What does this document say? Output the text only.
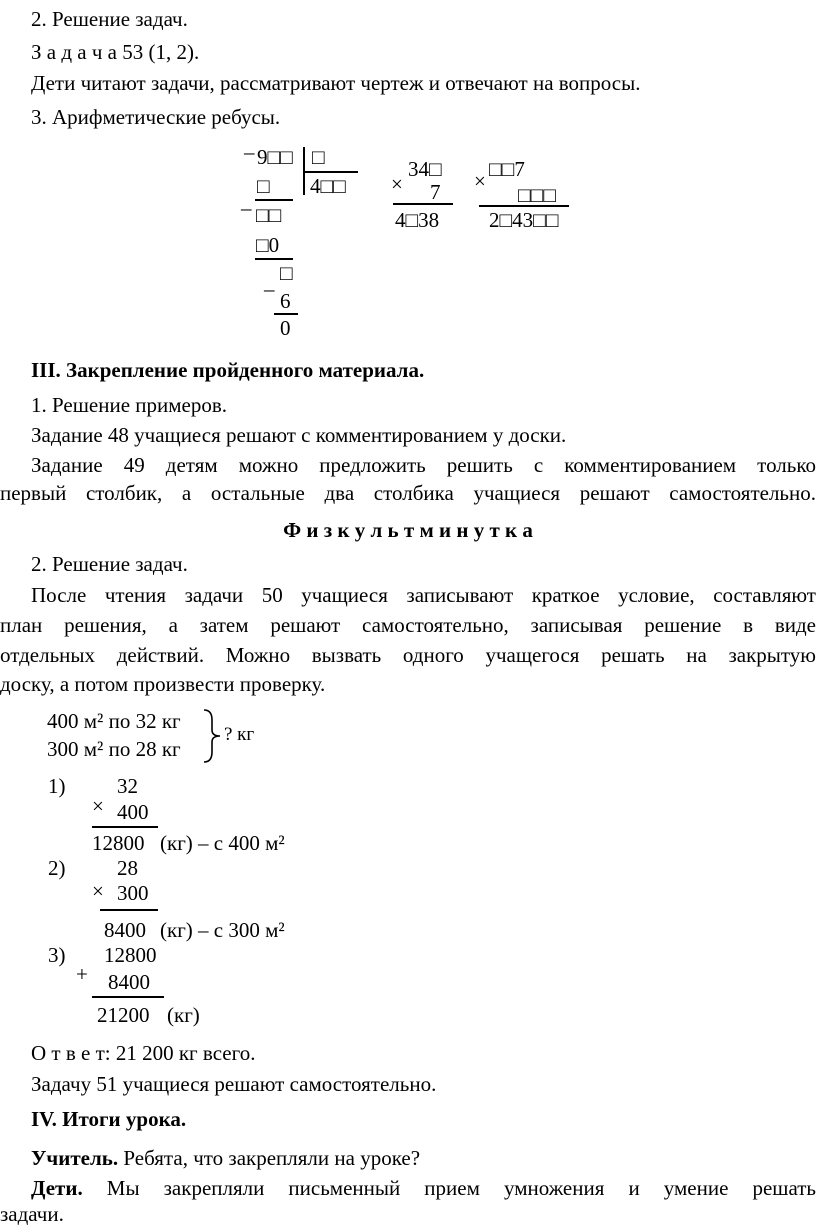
2. Решение задач.
З а д а ч а 53 (1, 2).
Дети читают задачи, рассматривают чертеж и отвечают на вопросы.
3. Арифметические ребусы.
– 9□□ □
□ 4□□
– □□
□0
□
– 6
0
34□
× 7
4□38
□□7
×
□□□
2□43□□
III. Закрепление пройденного материала.
1. Решение примеров.
Задание 48 учащиеся решают с комментированием у доски.
Задание 49 детям можно предложить решить с комментированием только
первый столбик, а остальные два столбика учащиеся решают самостоятельно.
Ф и з к у л ь т м и н у т к а
2. Решение задач.
После чтения задачи 50 учащиеся записывают краткое условие, составляют
план решения, а затем решают самостоятельно, записывая решение в виде
отдельных действий. Можно вызвать одного учащегося решать на закрытую
доску, а потом произвести проверку.
400 м² по 32 кг
300 м² по 28 кг
? кг
1) 32
× 400
12800 (кг) – с 400 м²
2) 28
× 300
8400 (кг) – с 300 м²
3) 12800
+ 8400
21200 (кг)
О т в е т: 21 200 кг всего.
Задачу 51 учащиеся решают самостоятельно.
IV. Итоги урока.
Учитель. Ребята, что закрепляли на уроке?
Дети. Мы закрепляли письменный прием умножения и умение решать
задачи.
